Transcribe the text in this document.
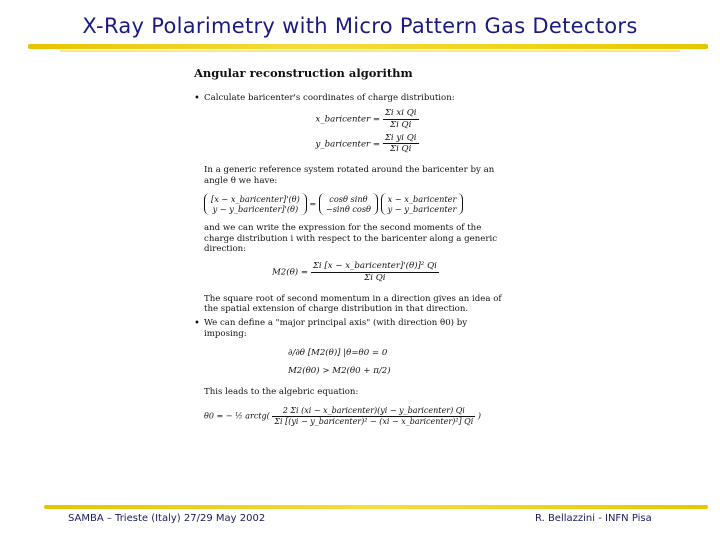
X-Ray Polarimetry with Micro Pattern Gas Detectors
Angular reconstruction algorithm
• Calculate baricenter's coordinates of charge distribution:
x_baricenter = $\frac{\text{Σi xi Qi}}{\text{Σi Qi}}$
y_baricenter = $\frac{\text{Σi yi Qi}}{\text{Σi Qi}}$
In a generic reference system rotated around the baricenter by an angle θ we have:
[x − x_baricenter]'(θ)
y − y_baricenter]'(θ)
=	cosθ sinθ
−sinθ cosθ

x − x_baricenter
y − y_baricenter
and we can write the expression for the second moments of the charge distribution i with respect to the baricenter along a generic direction:
$M2(\theta) = \frac{\text{Σi [x − x\_baricenter]'(θ)]² Qi}}{\text{Σi Qi}}$
The square root of second momentum in a direction gives an idea of the spatial extension of charge distribution in that direction.
• We can define a "major principal axis" (with direction θ0) by imposing:
∂/∂θ [M2(θ)] |θ=θ0 = 0
M2(θ0) > M2(θ0 + π/2)
This leads to the algebric equation:
θ0 = − ½ arctg( $\frac{\text{2 Σi (xi − x\_baricenter)(yi − y\_baricenter) Qi}}{\text{Σi [(yi − y\_baricenter)² − (xi − x\_baricenter)²] Qi}}$ )
SAMBA – Trieste (Italy) 27/29 May 2002	R. Bellazzini - INFN Pisa
